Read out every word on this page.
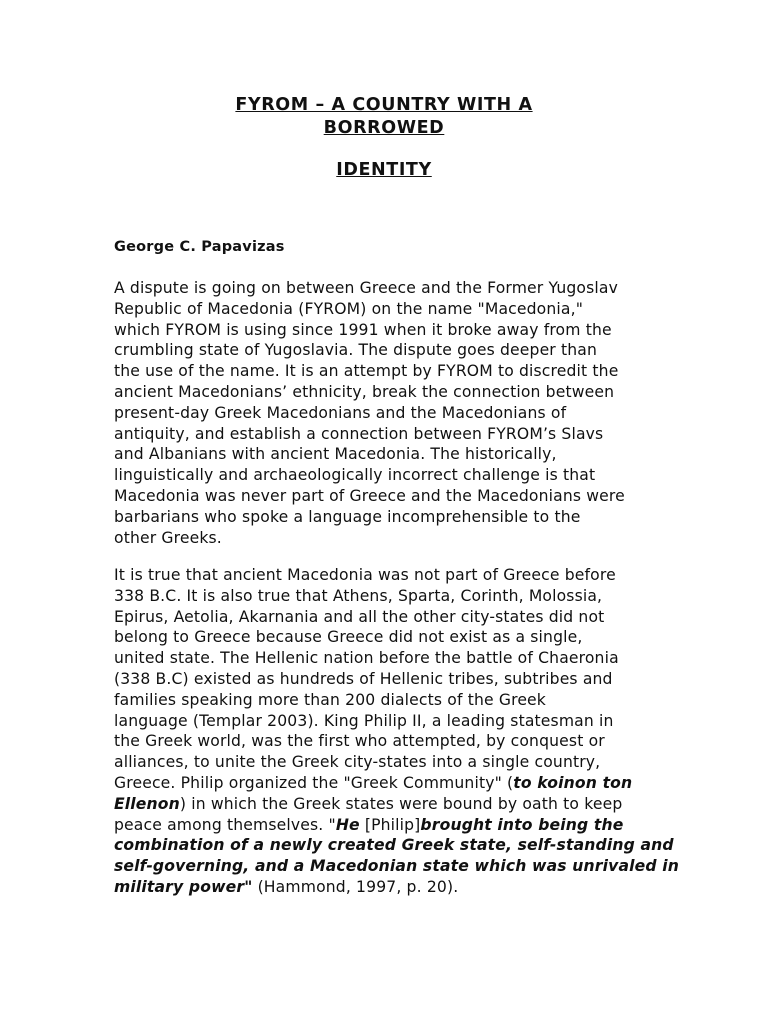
FYROM – A COUNTRY WITH A

BORROWED

IDENTITY

George C. Papavizas

A dispute is going on between Greece and the Former Yugoslav
Republic of Macedonia (FYROM) on the name "Macedonia,"
which FYROM is using since 1991 when it broke away from the
crumbling state of Yugoslavia. The dispute goes deeper than
the use of the name. It is an attempt by FYROM to discredit the
ancient Macedonians’ ethnicity, break the connection between
present-day Greek Macedonians and the Macedonians of
antiquity, and establish a connection between FYROM’s Slavs
and Albanians with ancient Macedonia. The historically,
linguistically and archaeologically incorrect challenge is that
Macedonia was never part of Greece and the Macedonians were
barbarians who spoke a language incomprehensible to the
other Greeks.

It is true that ancient Macedonia was not part of Greece before
338 B.C. It is also true that Athens, Sparta, Corinth, Molossia,
Epirus, Aetolia, Akarnania and all the other city-states did not
belong to Greece because Greece did not exist as a single,
united state. The Hellenic nation before the battle of Chaeronia
(338 B.C) existed as hundreds of Hellenic tribes, subtribes and
families speaking more than 200 dialects of the Greek
language (Templar 2003). King Philip II, a leading statesman in
the Greek world, was the first who attempted, by conquest or
alliances, to unite the Greek city-states into a single country,
Greece. Philip organized the "Greek Community" (to koinon ton
Ellenon) in which the Greek states were bound by oath to keep
peace among themselves. "He [Philip]brought into being the
combination of a newly created Greek state, self-standing and
self-governing, and a Macedonian state which was unrivaled in
military power" (Hammond, 1997, p. 20).
